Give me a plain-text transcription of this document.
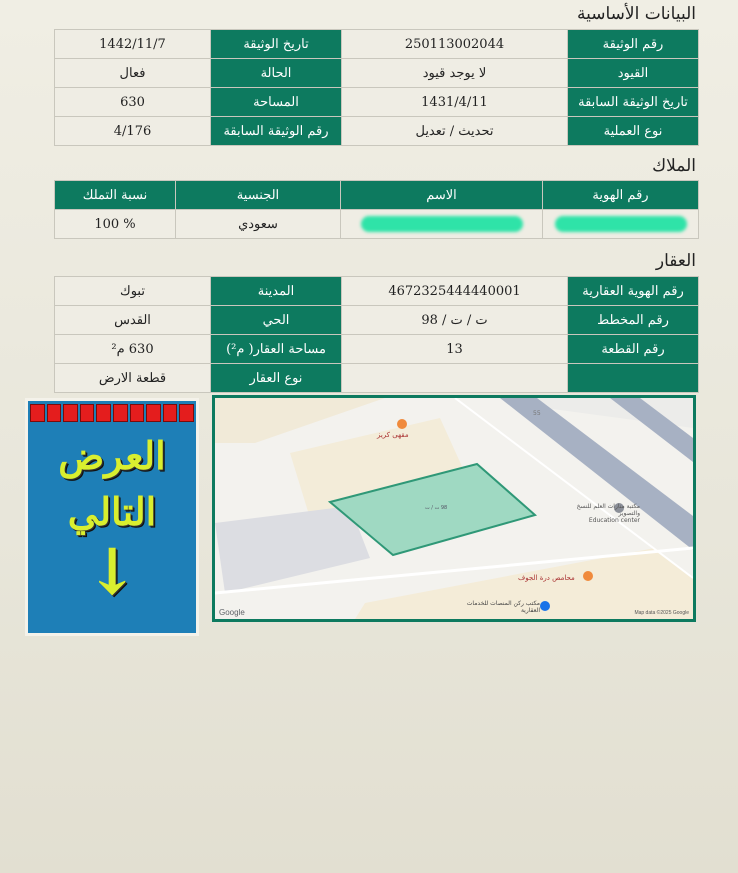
البيانات الأساسية
رقم الوثيقة	250113002044	تاريخ الوثيقة	1442/11/7
القيود	لا يوجد قيود	الحالة	فعال
تاريخ الوثيقة السابقة	1431/4/11	المساحة	630
نوع العملية	تحديث / تعديل	رقم الوثيقة السابقة	4/176
الملاك
رقم الهوية	الاسم	الجنسية	نسبة التملك
		سعودي	% 100
العقار
رقم الهوية العقارية	4672325444440001	المدينة	تبوك
رقم المخطط	ت / ت / 98	الحي	القدس
رقم القطعة	13	مساحة العقار( م²)	630 م²
		نوع العقار	قطعة الارض
العرض
التالي
↓
مقهى كريز
98 ت / ت	مكتبة منارات العلم للنسخ والتصوير
Education center
محامص درة الجوف
مكتب ركن المنصات للخدمات العقارية
55
Google	Map data ©2025 Google
